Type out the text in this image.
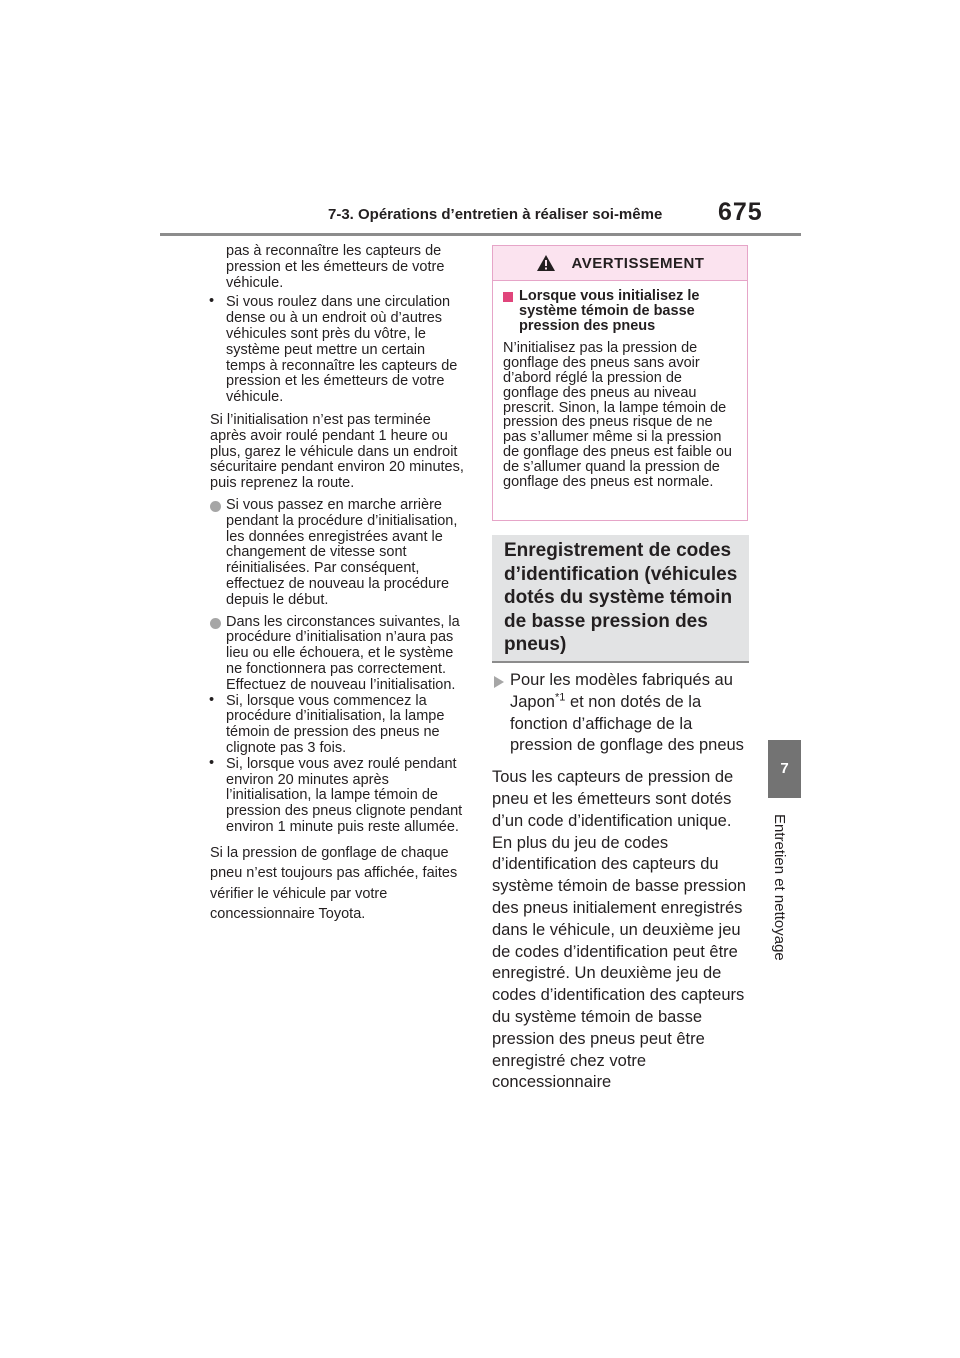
7-3. Opérations d’entretien à réaliser soi-même 675
7
Entretien et nettoyage

pas à reconnaître les capteurs de pression et les émetteurs de votre véhicule.

• Si vous roulez dans une circulation dense ou à un endroit où d’autres véhicules sont près du vôtre, le système peut mettre un certain temps à reconnaître les capteurs de pression et les émetteurs de votre véhicule.

Si l’initialisation n’est pas terminée après avoir roulé pendant 1 heure ou plus, garez le véhicule dans un endroit sécuritaire pendant environ 20 minutes, puis reprenez la route.

Si vous passez en marche arrière pendant la procédure d’initialisation, les données enregistrées avant le changement de vitesse sont réinitialisées. Par conséquent, effectuez de nouveau la procédure depuis le début.
Dans les circonstances suivantes, la procédure d’initialisation n’aura pas lieu ou elle échouera, et le système ne fonctionnera pas correctement. Effectuez de nouveau l’initialisation.
• Si, lorsque vous commencez la procédure d’initialisation, la lampe témoin de pression des pneus ne clignote pas 3 fois.
• Si, lorsque vous avez roulé pendant environ 20 minutes après l’initialisation, la lampe témoin de pression des pneus clignote pendant environ 1 minute puis reste allumée.

Si la pression de gonflage de chaque pneu n’est toujours pas affichée, faites vérifier le véhicule par votre concessionnaire Toyota.

AVERTISSEMENT
Lorsque vous initialisez le système témoin de basse pression des pneus
N’initialisez pas la pression de gonflage des pneus sans avoir d’abord réglé la pression de gonflage des pneus au niveau prescrit. Sinon, la lampe témoin de pression des pneus risque de ne pas s’allumer même si la pression de gonflage des pneus est faible ou de s’allumer quand la pression de gonflage des pneus est normale.
Enregistrement de codes d’identification (véhicules dotés du système témoin de basse pression des pneus)
Pour les modèles fabriqués au Japon$^{*1}$ et non dotés de la fonction d’affichage de la pression de gonflage des pneus

Tous les capteurs de pression de pneu et les émetteurs sont dotés d’un code d’identification unique. En plus du jeu de codes d’identification des capteurs du système témoin de basse pression des pneus initialement enregistrés dans le véhicule, un deuxième jeu de codes d’identification peut être enregistré. Un deuxième jeu de codes d’identification des capteurs du système témoin de basse pression des pneus peut être enregistré chez votre concessionnaire
